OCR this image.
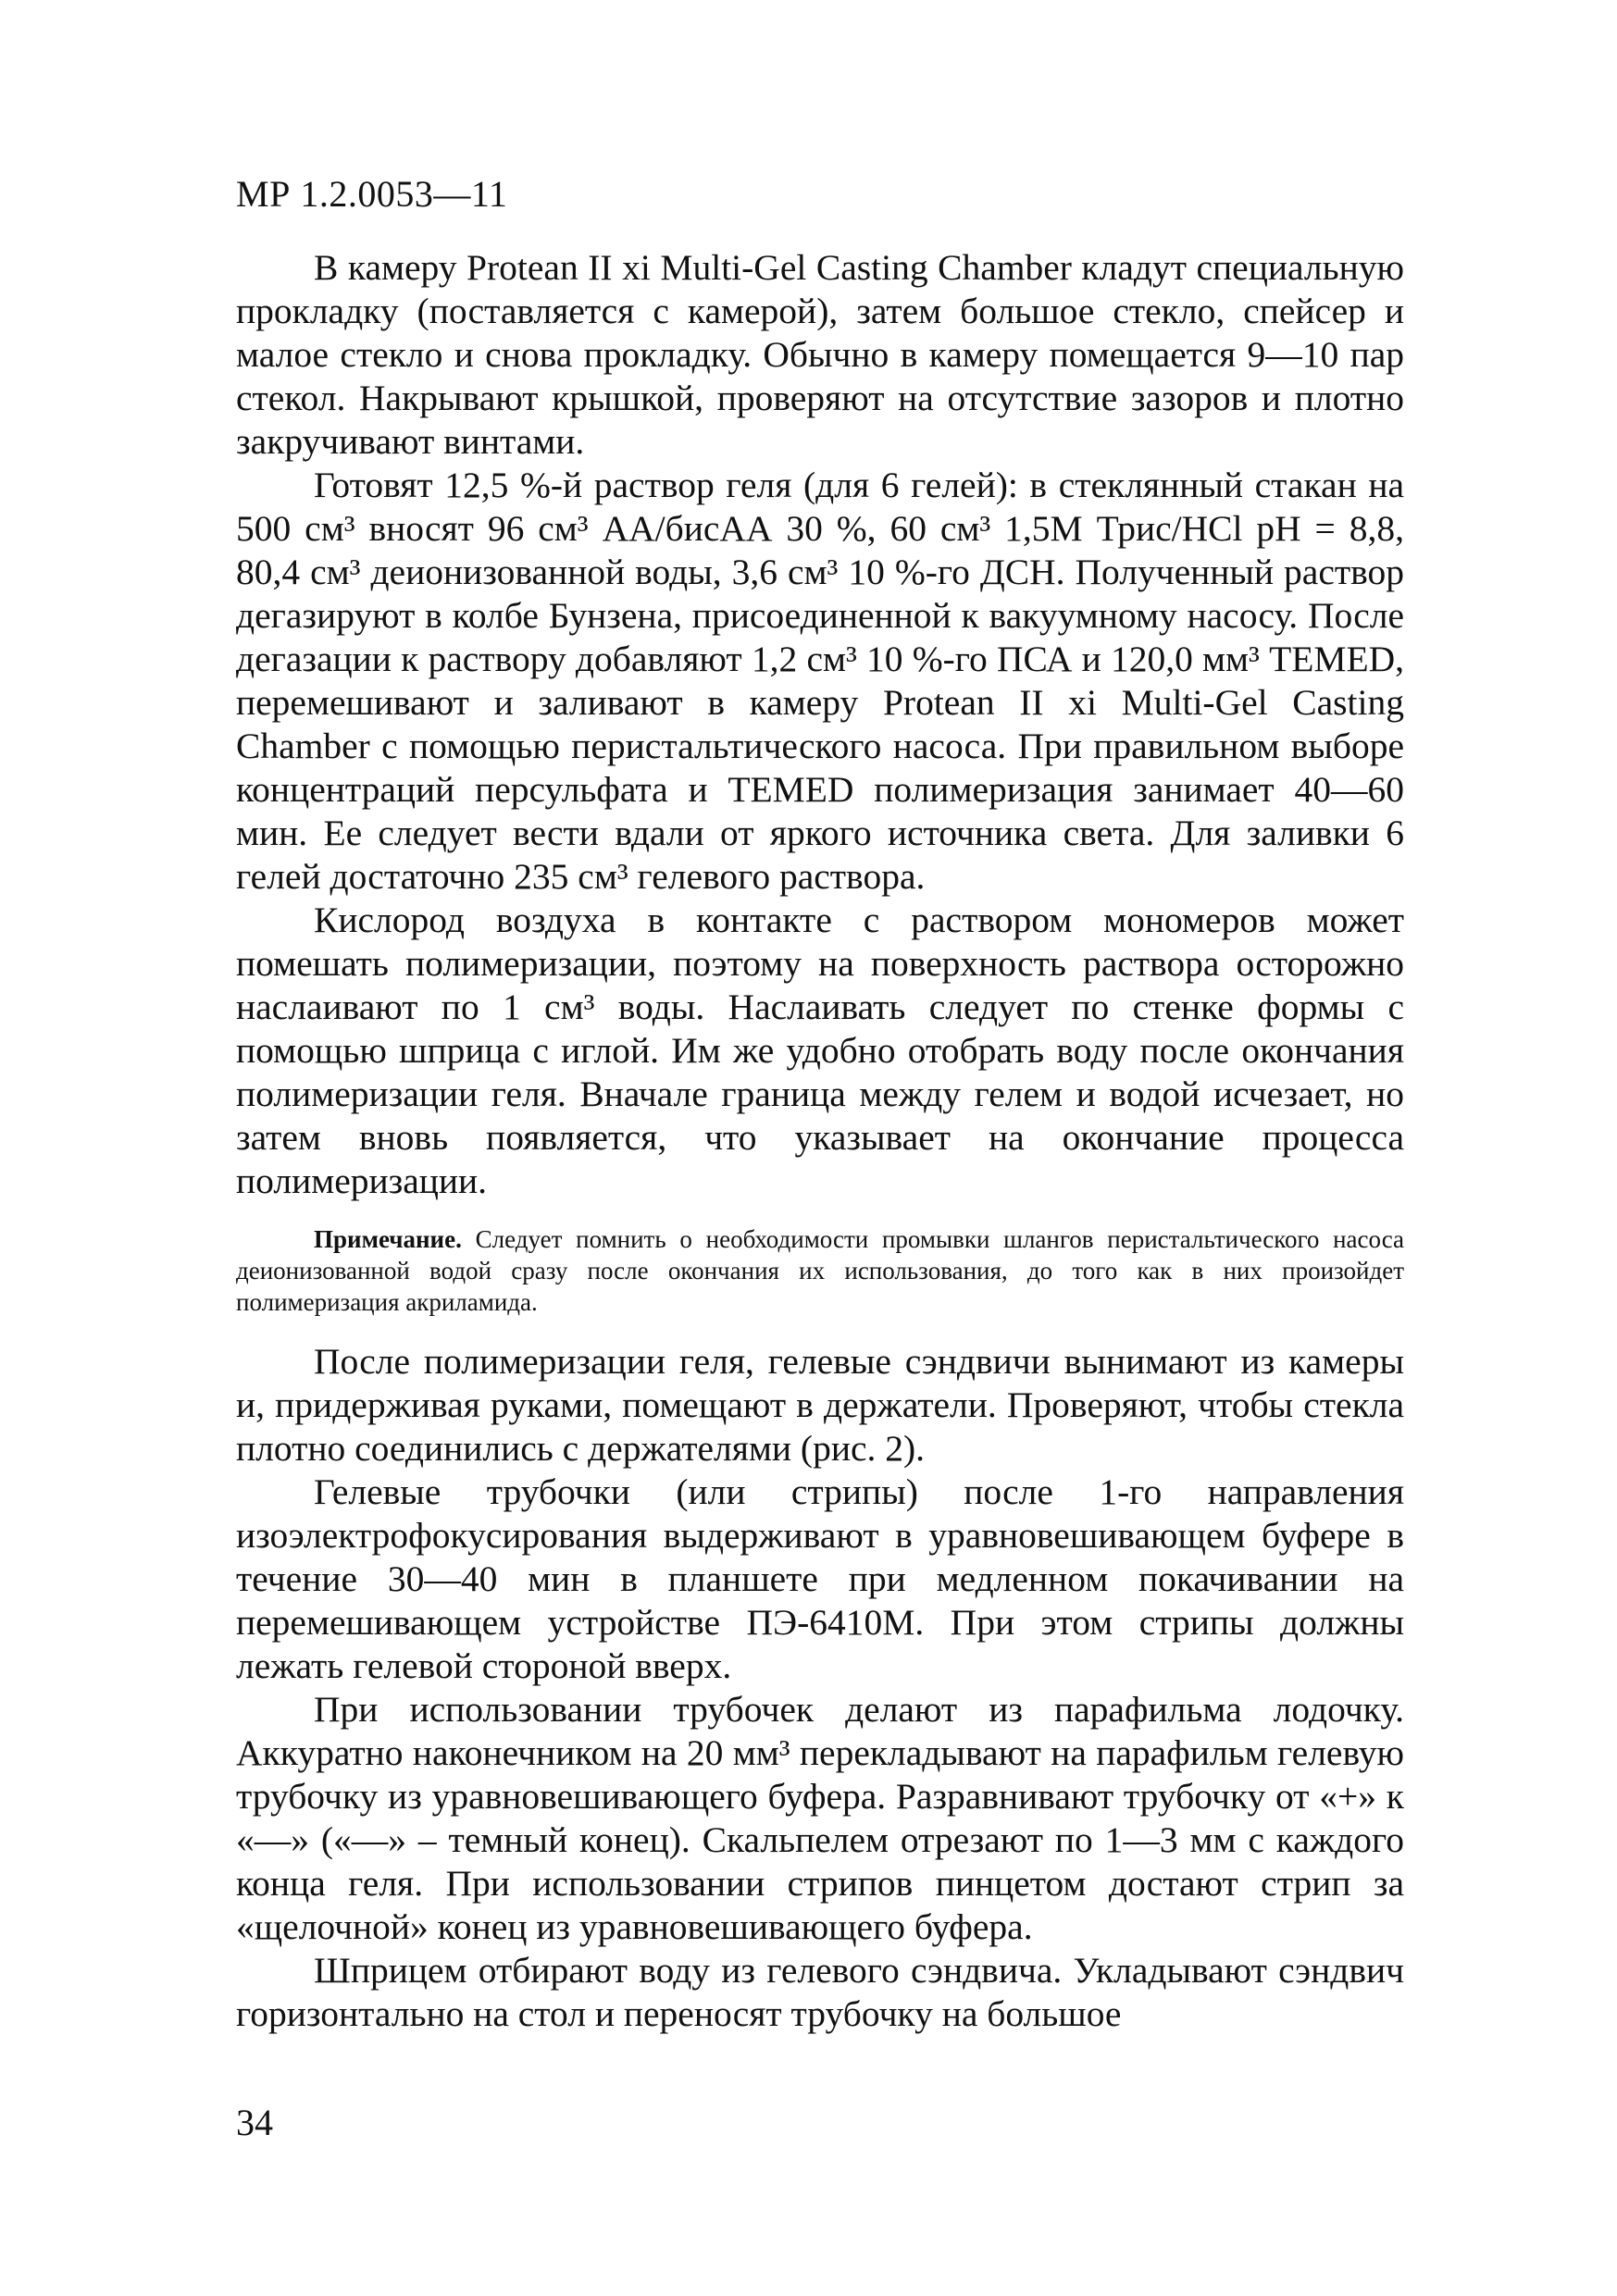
МР 1.2.0053—11

В камеру Protean II xi Multi-Gel Casting Chamber кладут специальную прокладку (поставляется с камерой), затем большое стекло, спейсер и малое стекло и снова прокладку. Обычно в камеру помещается 9—10 пар стекол. Накрывают крышкой, проверяют на отсутствие зазоров и плотно закручивают винтами.

Готовят 12,5 %-й раствор геля (для 6 гелей): в стеклянный стакан на 500 см³ вносят 96 см³ АА/бисАА 30 %, 60 см³ 1,5М Трис/HCl pH = 8,8, 80,4 см³ деионизованной воды, 3,6 см³ 10 %-го ДСН. Полученный раствор дегазируют в колбе Бунзена, присоединенной к вакуумному насосу. После дегазации к раствору добавляют 1,2 см³ 10 %-го ПСА и 120,0 мм³ TEMED, перемешивают и заливают в камеру Protean II xi Multi-Gel Casting Chamber с помощью перистальтического насоса. При правильном выборе концентраций персульфата и TEMED полимеризация занимает 40—60 мин. Ее следует вести вдали от яркого источника света. Для заливки 6 гелей достаточно 235 см³ гелевого раствора.

Кислород воздуха в контакте с раствором мономеров может помешать полимеризации, поэтому на поверхность раствора осторожно наслаивают по 1 см³ воды. Наслаивать следует по стенке формы с помощью шприца с иглой. Им же удобно отобрать воду после окончания полимеризации геля. Вначале граница между гелем и водой исчезает, но затем вновь появляется, что указывает на окончание процесса полимеризации.

Примечание. Следует помнить о необходимости промывки шлангов перистальтического насоса деионизованной водой сразу после окончания их использования, до того как в них произойдет полимеризация акриламида.

После полимеризации геля, гелевые сэндвичи вынимают из камеры и, придерживая руками, помещают в держатели. Проверяют, чтобы стекла плотно соединились с держателями (рис. 2).

Гелевые трубочки (или стрипы) после 1-го направления изоэлектрофокусирования выдерживают в уравновешивающем буфере в течение 30—40 мин в планшете при медленном покачивании на перемешивающем устройстве ПЭ-6410М. При этом стрипы должны лежать гелевой стороной вверх.

При использовании трубочек делают из парафильма лодочку. Аккуратно наконечником на 20 мм³ перекладывают на парафильм гелевую трубочку из уравновешивающего буфера. Разравнивают трубочку от «+» к «—» («—» – темный конец). Скальпелем отрезают по 1—3 мм с каждого конца геля. При использовании стрипов пинцетом достают стрип за «щелочной» конец из уравновешивающего буфера.

Шприцем отбирают воду из гелевого сэндвича. Укладывают сэндвич горизонтально на стол и переносят трубочку на большое

34
